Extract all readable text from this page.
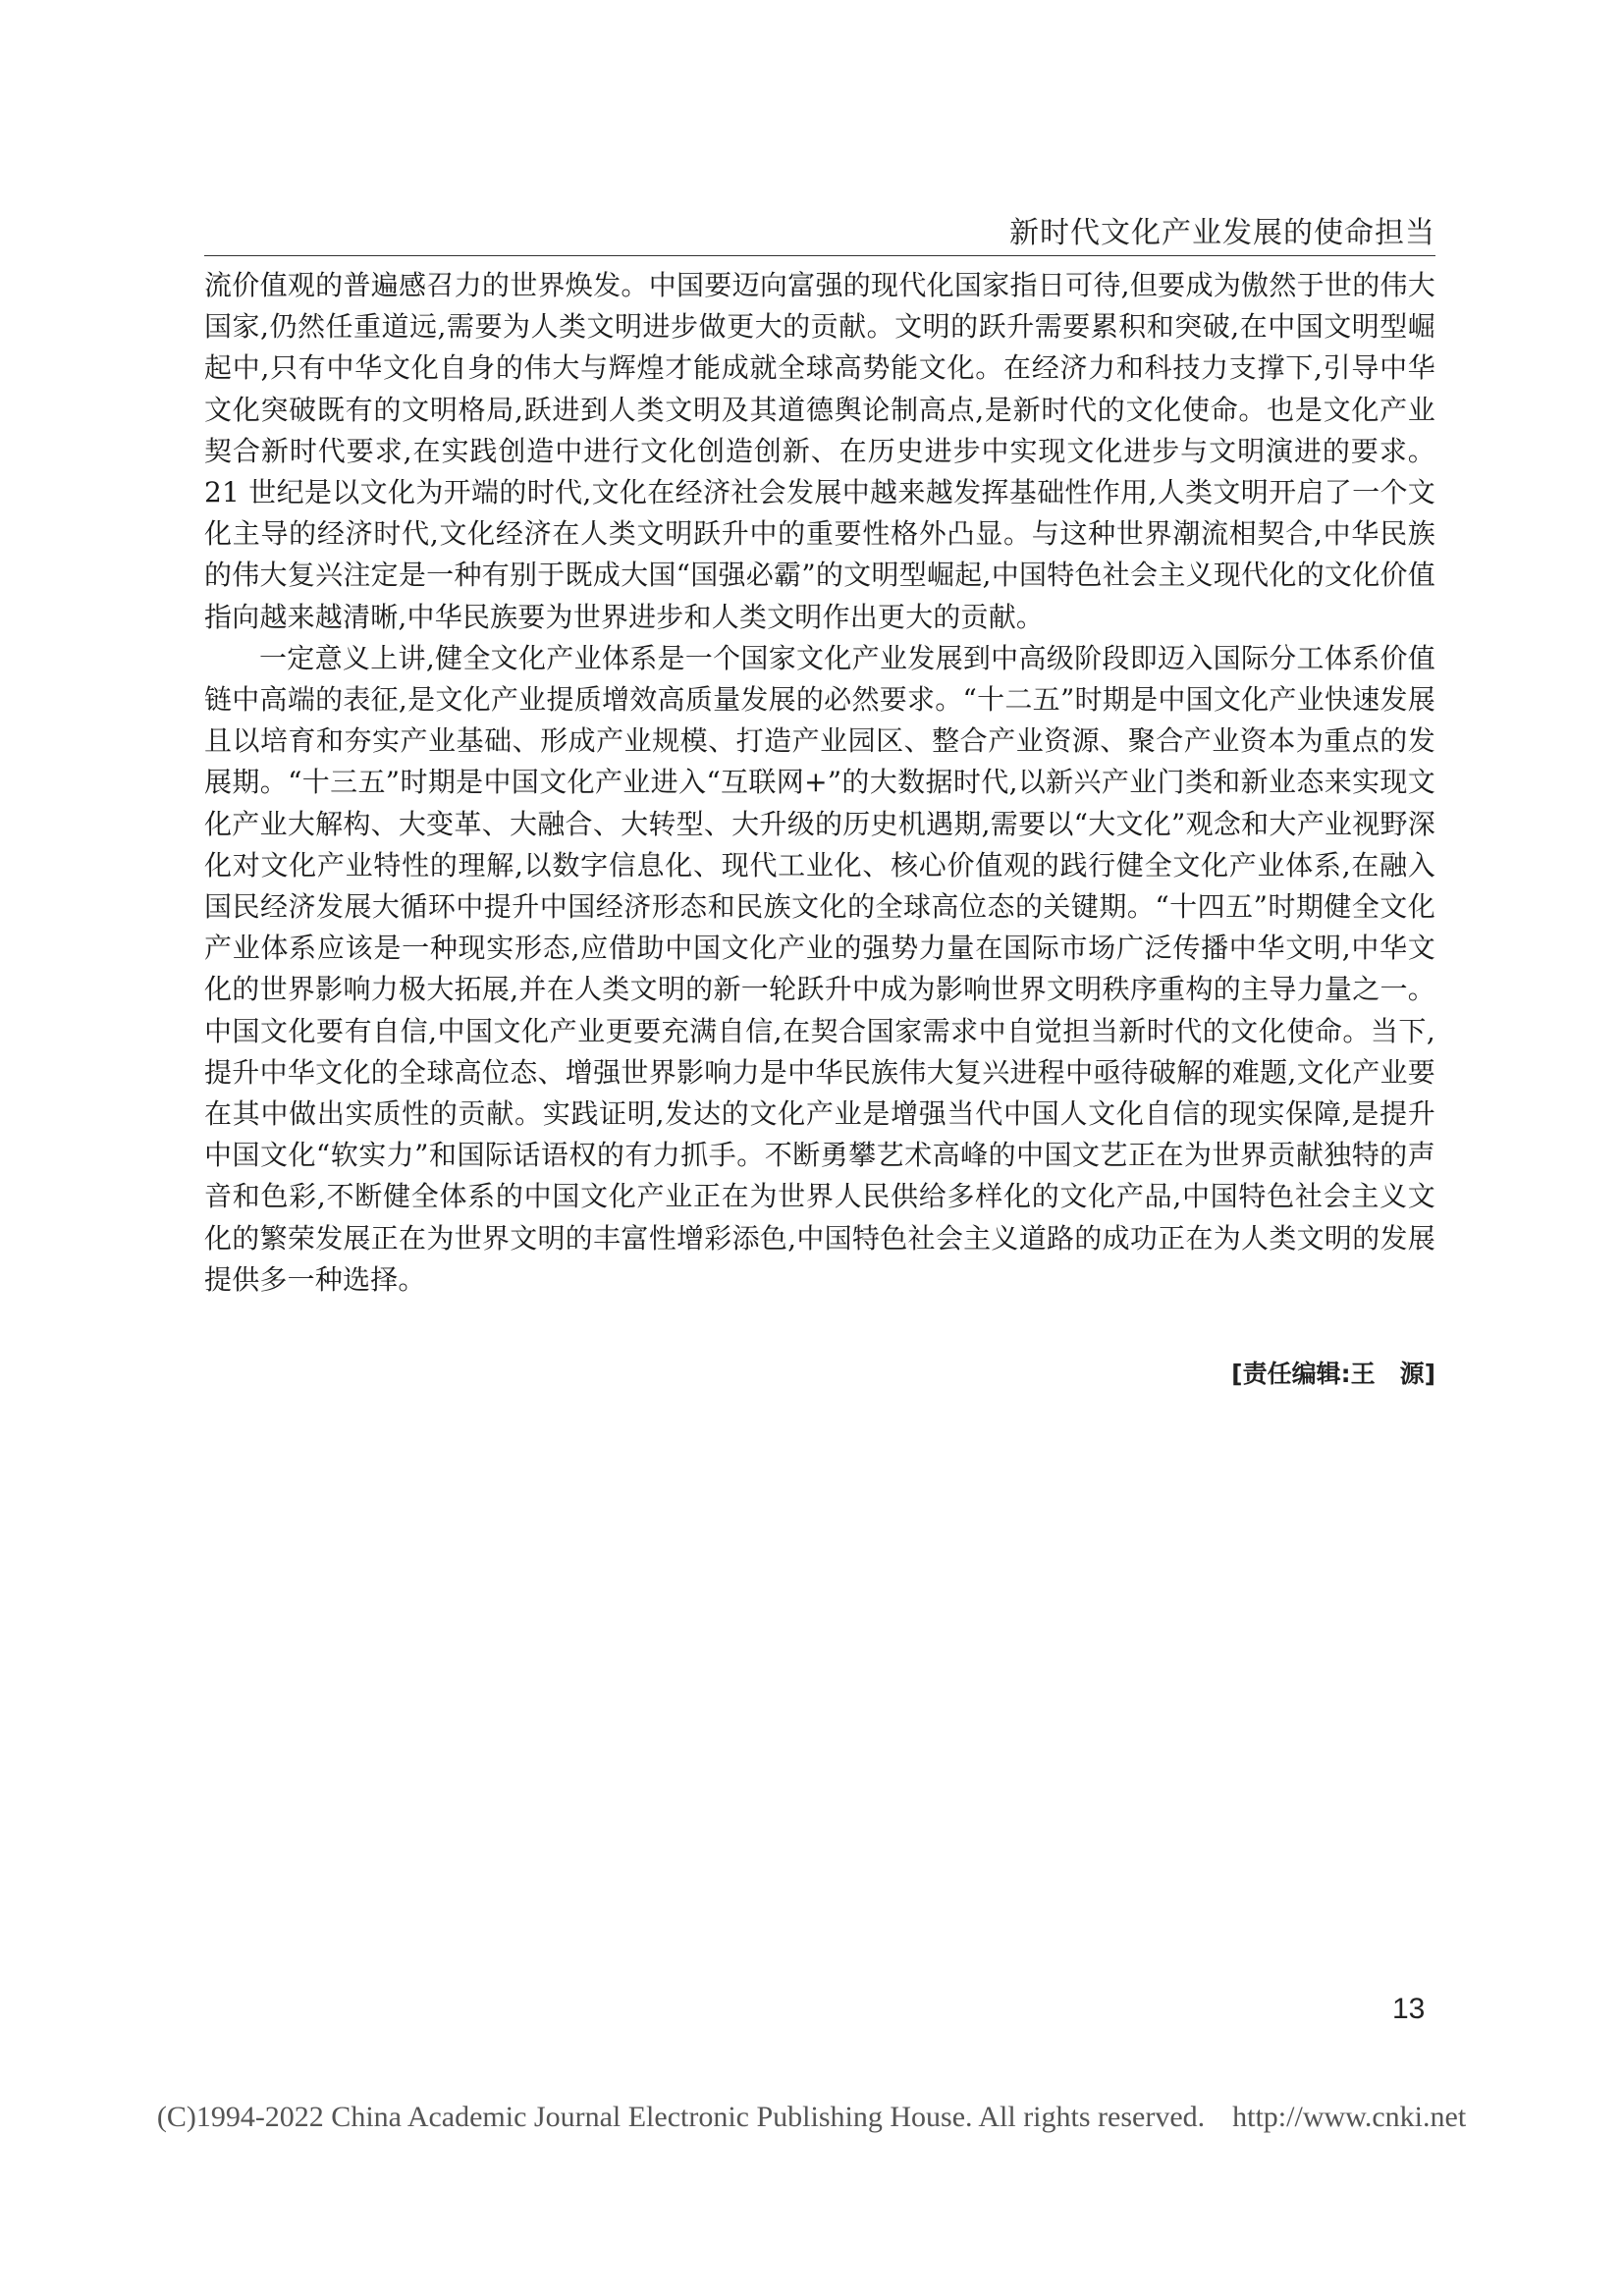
新时代文化产业发展的使命担当

流价值观的普遍感召力的世界焕发。中国要迈向富强的现代化国家指日可待,但要成为傲然于世的伟大国家,仍然任重道远,需要为人类文明进步做更大的贡献。文明的跃升需要累积和突破,在中国文明型崛起中,只有中华文化自身的伟大与辉煌才能成就全球高势能文化。在经济力和科技力支撑下,引导中华文化突破既有的文明格局,跃进到人类文明及其道德舆论制高点,是新时代的文化使命。也是文化产业契合新时代要求,在实践创造中进行文化创造创新、在历史进步中实现文化进步与文明演进的要求。21 世纪是以文化为开端的时代,文化在经济社会发展中越来越发挥基础性作用,人类文明开启了一个文化主导的经济时代,文化经济在人类文明跃升中的重要性格外凸显。与这种世界潮流相契合,中华民族的伟大复兴注定是一种有别于既成大国“国强必霸”的文明型崛起,中国特色社会主义现代化的文化价值指向越来越清晰,中华民族要为世界进步和人类文明作出更大的贡献。

一定意义上讲,健全文化产业体系是一个国家文化产业发展到中高级阶段即迈入国际分工体系价值链中高端的表征,是文化产业提质增效高质量发展的必然要求。“十二五”时期是中国文化产业快速发展且以培育和夯实产业基础、形成产业规模、打造产业园区、整合产业资源、聚合产业资本为重点的发展期。“十三五”时期是中国文化产业进入“互联网+”的大数据时代,以新兴产业门类和新业态来实现文化产业大解构、大变革、大融合、大转型、大升级的历史机遇期,需要以“大文化”观念和大产业视野深化对文化产业特性的理解,以数字信息化、现代工业化、核心价值观的践行健全文化产业体系,在融入国民经济发展大循环中提升中国经济形态和民族文化的全球高位态的关键期。“十四五”时期健全文化产业体系应该是一种现实形态,应借助中国文化产业的强势力量在国际市场广泛传播中华文明,中华文化的世界影响力极大拓展,并在人类文明的新一轮跃升中成为影响世界文明秩序重构的主导力量之一。中国文化要有自信,中国文化产业更要充满自信,在契合国家需求中自觉担当新时代的文化使命。当下,提升中华文化的全球高位态、增强世界影响力是中华民族伟大复兴进程中亟待破解的难题,文化产业要在其中做出实质性的贡献。实践证明,发达的文化产业是增强当代中国人文化自信的现实保障,是提升中国文化“软实力”和国际话语权的有力抓手。不断勇攀艺术高峰的中国文艺正在为世界贡献独特的声音和色彩,不断健全体系的中国文化产业正在为世界人民供给多样化的文化产品,中国特色社会主义文化的繁荣发展正在为世界文明的丰富性增彩添色,中国特色社会主义道路的成功正在为人类文明的发展提供多一种选择。

[责任编辑:王　源]
13
(C)1994-2022 China Academic Journal Electronic Publishing House. All rights reserved. http://www.cnki.net
